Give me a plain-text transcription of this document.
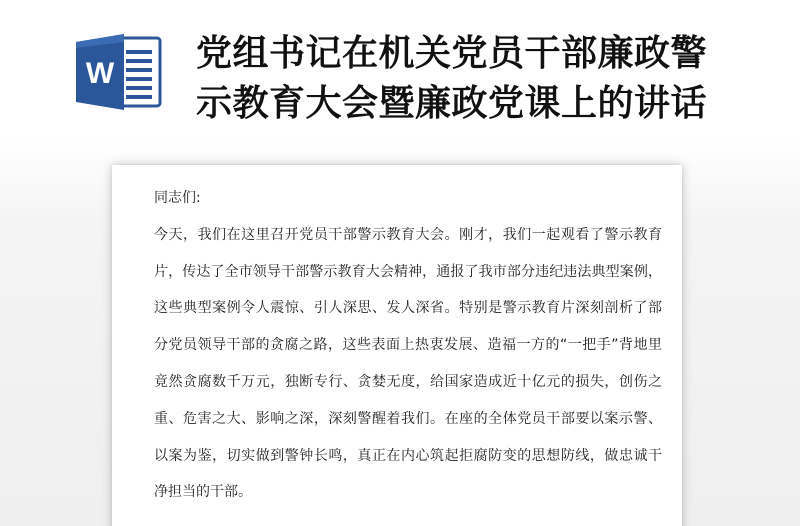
W 党组书记在机关党员干部廉政警
示教育大会暨廉政党课上的讲话
同志们:
今天，我们在这里召开党员干部警示教育大会。刚才，我们一起观看了警示教育
片，传达了全市领导干部警示教育大会精神，通报了我市部分违纪违法典型案例，
这些典型案例令人震惊、引人深思、发人深省。特别是警示教育片深刻剖析了部
分党员领导干部的贪腐之路，这些表面上热衷发展、造福一方的“一把手”背地里
竟然贪腐数千万元，独断专行、贪婪无度，给国家造成近十亿元的损失，创伤之
重、危害之大、影响之深，深刻警醒着我们。在座的全体党员干部要以案示警、
以案为鉴，切实做到警钟长鸣，真正在内心筑起拒腐防变的思想防线，做忠诚干
净担当的干部。
